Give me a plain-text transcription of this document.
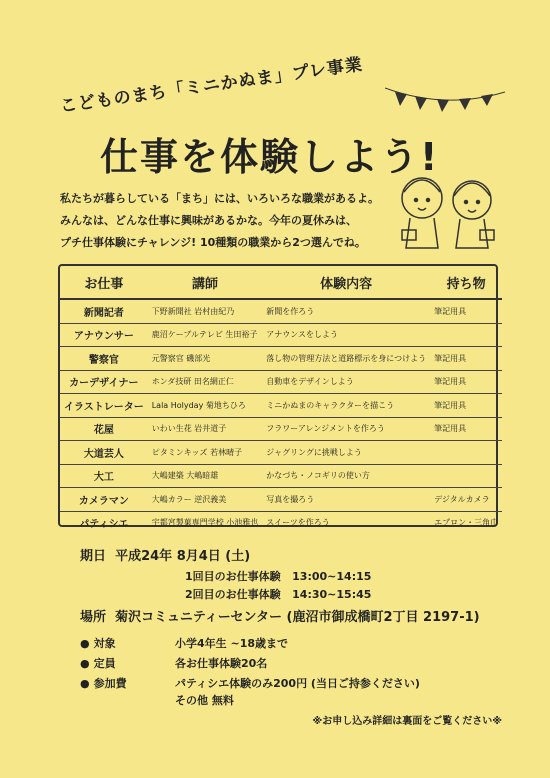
こどものまち「ミニかぬま」プレ事業
仕事を体験しよう!
私たちが暮らしている「まち」には、いろいろな職業があるよ。
みんなは、どんな仕事に興味があるかな。今年の夏休みは、
プチ仕事体験にチャレンジ! 10種類の職業から2つ選んでね。
お仕事	講師	体験内容	持ち物
新聞記者	下野新聞社 岩村由紀乃	新聞を作ろう	筆記用具
アナウンサー	鹿沼ケーブルテレビ 生田裕子	アナウンスをしよう	
警察官	元警察官 磯部光	落し物の管理方法と道路標示を身につけよう	筆記用具
カーデザイナー	ホンダ技研 田名網正仁	自動車をデザインしよう	筆記用具
イラストレーター	Lala Holyday 菊地ちひろ	ミニかぬまのキャラクターを描こう	筆記用具
花屋	いわい生花 岩井道子	フラワーアレンジメントを作ろう	筆記用具
大道芸人	ピタミンキッズ 若林晴子	ジャグリングに挑戦しよう	
大工	大嶋建築 大嶋暗雄	かなづち・ノコギリの使い方	
カメラマン	大嶋カラー 逆沢義美	写真を撮ろう	デジタルカメラ
パティシエ	宇都宮製菓専門学校 小池雅也	スイーツを作ろう	エプロン・三角巾
期日 平成24年 8月4日 (土)
1回目のお仕事体験 13:00~14:15
2回目のお仕事体験 14:30~15:45
場所 菊沢コミュニティーセンター (鹿沼市御成橋町2丁目 2197-1)
● 対象	小学4年生 ~18歳まで
● 定員	各お仕事体験20名
● 参加費	パティシエ体験のみ200円 (当日ご持参ください)
その他 無料
※お申し込み詳細は裏面をご覧ください※
